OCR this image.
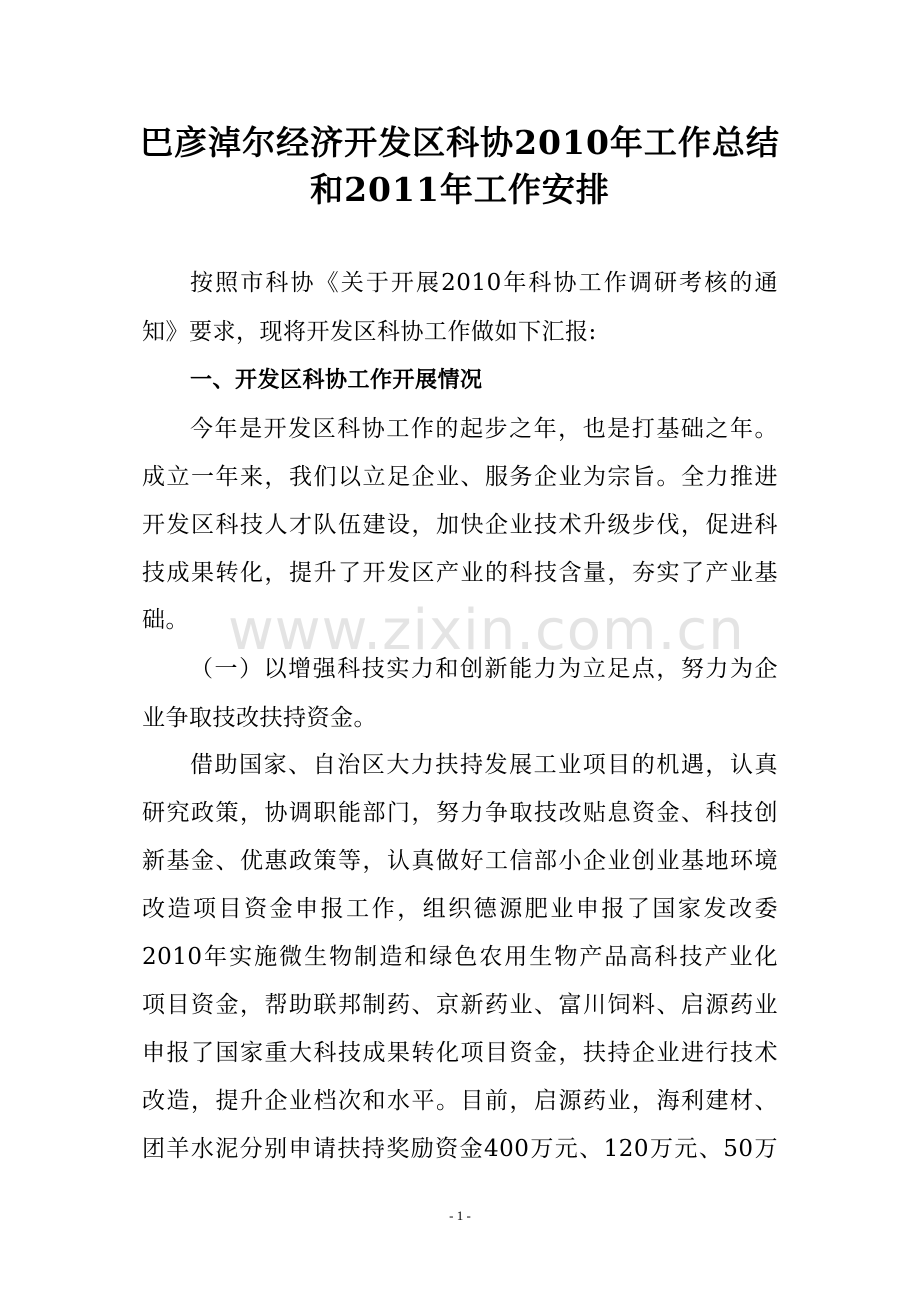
巴彦淖尔经济开发区科协2010年工作总结
和2011年工作安排
按照市科协《关于开展2010年科协工作调研考核的通
知》要求，现将开发区科协工作做如下汇报:
一、开发区科协工作开展情况
今年是开发区科协工作的起步之年，也是打基础之年。
成立一年来，我们以立足企业、服务企业为宗旨。全力推进
开发区科技人才队伍建设，加快企业技术升级步伐，促进科
技成果转化，提升了开发区产业的科技含量，夯实了产业基
础。
（一）以增强科技实力和创新能力为立足点，努力为企
业争取技改扶持资金。
借助国家、自治区大力扶持发展工业项目的机遇，认真
研究政策，协调职能部门，努力争取技改贴息资金、科技创
新基金、优惠政策等，认真做好工信部小企业创业基地环境
改造项目资金申报工作，组织德源肥业申报了国家发改委
2010年实施微生物制造和绿色农用生物产品高科技产业化
项目资金，帮助联邦制药、京新药业、富川饲料、启源药业
申报了国家重大科技成果转化项目资金，扶持企业进行技术
改造，提升企业档次和水平。目前，启源药业，海利建材、
团羊水泥分别申请扶持奖励资金400万元、120万元、50万
www.zixin.com.cn
- 1 -
